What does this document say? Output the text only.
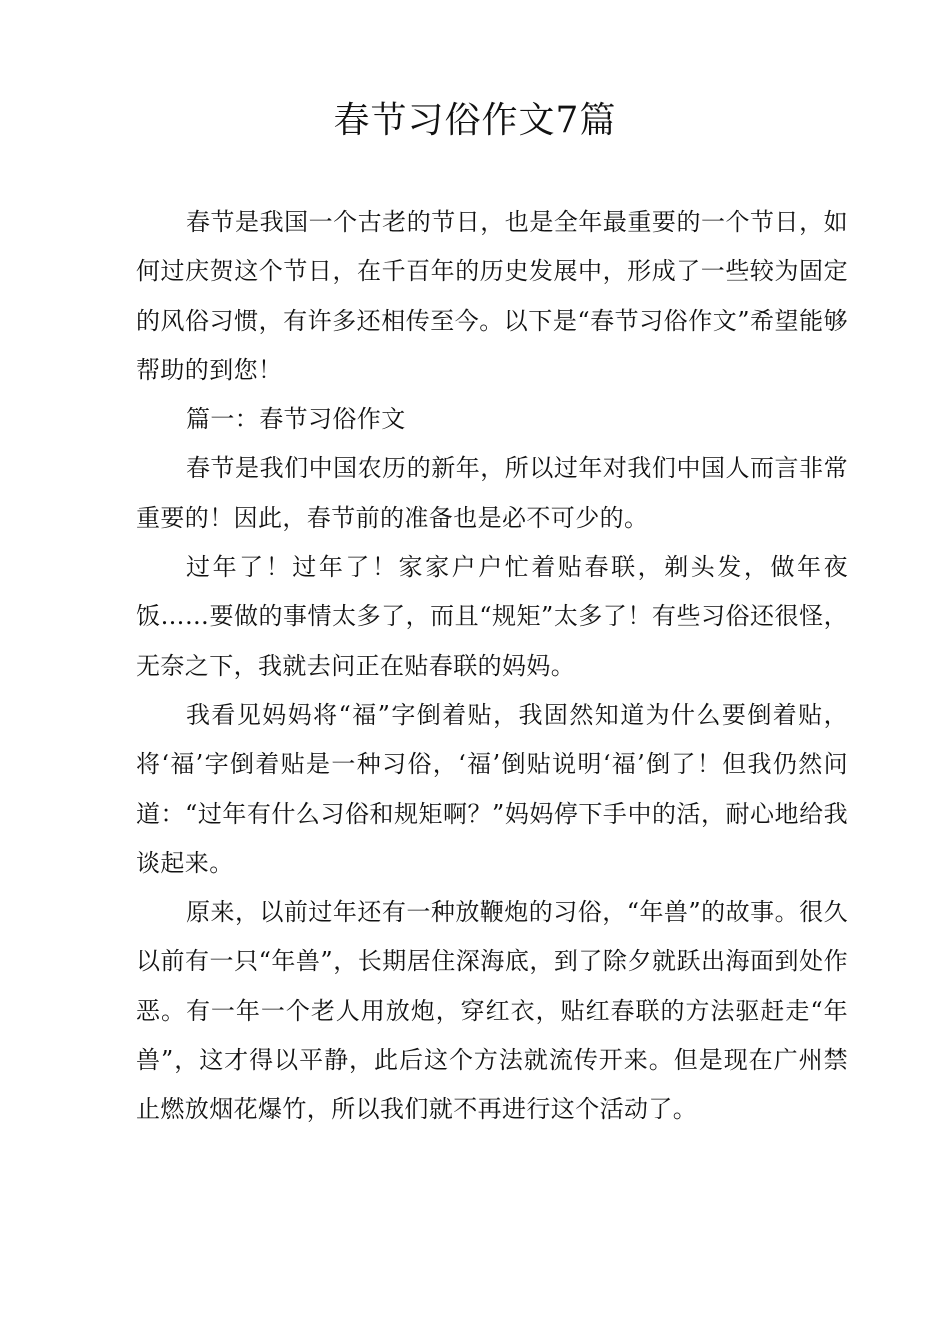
春节习俗作文7篇

春节是我国一个古老的节日，也是全年最重要的一个节日，如何过庆贺这个节日，在千百年的历史发展中，形成了一些较为固定的风俗习惯，有许多还相传至今。以下是“春节习俗作文”希望能够帮助的到您！

篇一：春节习俗作文

春节是我们中国农历的新年，所以过年对我们中国人而言非常重要的！因此，春节前的准备也是必不可少的。

过年了！过年了！家家户户忙着贴春联，剃头发，做年夜饭……要做的事情太多了，而且“规矩”太多了！有些习俗还很怪，无奈之下，我就去问正在贴春联的妈妈。

我看见妈妈将“福”字倒着贴，我固然知道为什么要倒着贴，将‘福’字倒着贴是一种习俗，‘福’倒贴说明‘福’倒了！但我仍然问道：“过年有什么习俗和规矩啊？”妈妈停下手中的活，耐心地给我谈起来。

原来，以前过年还有一种放鞭炮的习俗，“年兽”的故事。很久以前有一只“年兽”，长期居住深海底，到了除夕就跃出海面到处作恶。有一年一个老人用放炮，穿红衣，贴红春联的方法驱赶走“年兽”，这才得以平静，此后这个方法就流传开来。但是现在广州禁止燃放烟花爆竹，所以我们就不再进行这个活动了。
